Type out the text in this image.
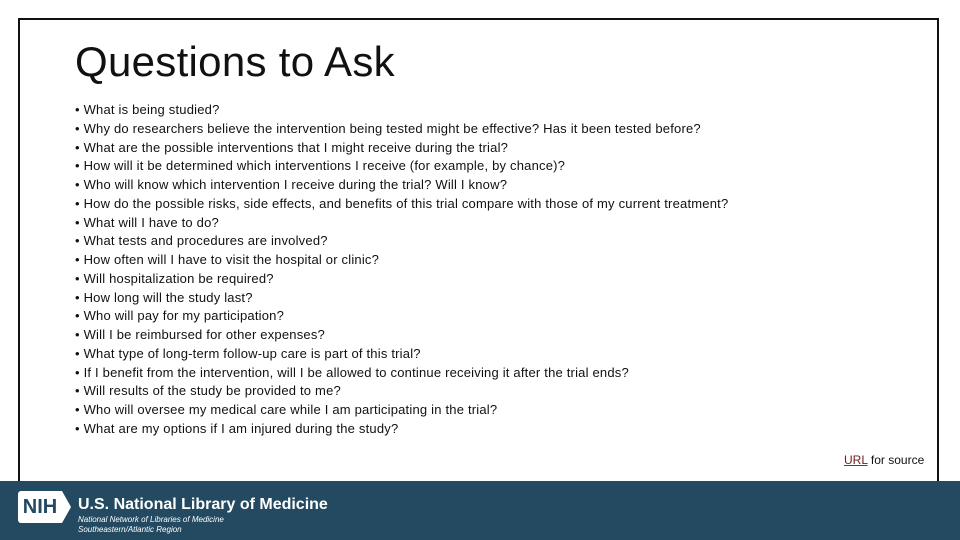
Questions to Ask
• What is being studied?
• Why do researchers believe the intervention being tested might be effective? Has it been tested before?
• What are the possible interventions that I might receive during the trial?
• How will it be determined which interventions I receive (for example, by chance)?
• Who will know which intervention I receive during the trial? Will I know?
• How do the possible risks, side effects, and benefits of this trial compare with those of my current treatment?
• What will I have to do?
• What tests and procedures are involved?
• How often will I have to visit the hospital or clinic?
• Will hospitalization be required?
• How long will the study last?
• Who will pay for my participation?
• Will I be reimbursed for other expenses?
• What type of long-term follow-up care is part of this trial?
• If I benefit from the intervention, will I be allowed to continue receiving it after the trial ends?
• Will results of the study be provided to me?
• Who will oversee my medical care while I am participating in the trial?
• What are my options if I am injured during the study?
URL for source
NIH U.S. National Library of Medicine
National Network of Libraries of Medicine
Southeastern/Atlantic Region
